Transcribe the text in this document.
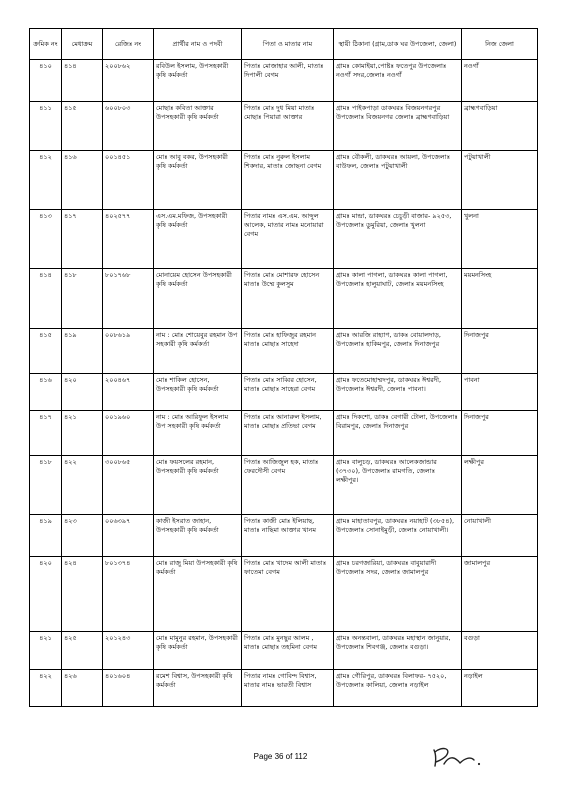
ক্রমিক নং	মেধাক্রম	রেজিঃ নং	প্রার্থীর নাম ও পদবী	পিতা ও মাতার নাম	স্থায়ী ঠিকানা (গ্রাম,ডাক ঘর উপজেলা, জেলা)	নিজ জেলা
৪১০	৪১৪	২০০৮৬২	রবিউল ইসলাম, উপসহকারী কৃষি কর্মকর্তা	পিতাঃ মোজাহার আলী, মাতাঃ দিপালী বেগম	গ্রামঃ কোমাইয়া,পোষ্টঃ ফতেপুর উপজেলাঃ নওগাঁ সদর,জেলাঃ নওগাঁ	নওগাঁ
৪১১	৪১৫	৬০০৮০৩	মোছাঃ কবিতা আক্তার উপসহকারী কৃষি কর্মকর্তা	পিতাঃ মোঃ দুধ মিয়া মাতাঃ মোছাঃ পিয়ারা আক্তার	গ্রামঃ পাইকপাড়া ডাকঘরঃ বিজয়নগরপুর উপজেলাঃ বিজয়নগর জেলাঃ ব্রাহ্মণবাড়িয়া	ব্রাহ্মণবাড়িয়া
৪১২	৪১৬	০০১৪৫১	মোঃ আবু বকর, উপসহকারী কৃষি কর্মকর্তা	পিতাঃ মোঃ নুরুল ইসলাম শিকদার, মাতাঃ জোছনা বেগম	গ্রামঃ বৌকলী, ডাকঘরঃ আয়লা, উপজেলাঃ বাউফল, জেলাঃ পটুয়াখালী	পটুয়াখালী
৪১৩	৪১৭	৪০২৫৭৭	এস.এম.মফিজ, উপসহকারী কৃষি কর্মকর্তা	পিতার নামঃ এস.এম. আব্দুল আলেক, মাতার নামঃ মনোয়ারা বেগম	গ্রামঃ মান্দ্রা, ডাকঘরঃ চেচুড়ী বাজার- ৯২৫৩, উপজেলাঃ ডুমুরিয়া, জেলাঃ খুলনা	খুলনা
৪১৪	৪১৮	৮০১৭৬৮	মোনায়েম হোসেন উপসহকারী কৃষি কর্মকর্তা	পিতাঃ মোঃ মোশারফ হোসেন মাতাঃ উম্মে কুলসুম	গ্রামঃ কালা পাগলা, ডাকঘরঃ কালা পাগলা, উপজেলাঃ হালুয়াঘাট, জেলাঃ ময়মনসিংহ	ময়মনসিংহ
৪১৫	৪১৯	০০৮৬১৯	নাম : মোঃ শোয়েবুর রহমান উপ সহকারী কৃষি কর্মকর্তা	পিতাঃ মোঃ হাফিজুর রহমান মাতাঃ মোছাঃ সাহেদা	গ্রামঃ আরজি রাহ্যাণ, ডাকঃ বোয়ালদাড়, উপজেলাঃ হাকিমপুর, জেলাঃ দিনাজপুর	দিনাজপুর
৪১৬	৪২০	২০০৪৬৭	মোঃ শাকিল হোসেন, উপসহকারী কৃষি কর্মকর্তা	পিতাঃ মোঃ সাব্বির হোসেন, মাতাঃ মোছাঃ সাহেরা বেগম	গ্রামঃ ফতেমোহাম্মদপুর, ডাকঘরঃ ঈশ্বরদী, উপজেলাঃ ঈশ্বরদী, জেলাঃ পাবনা।	পাবনা
৪১৭	৪২১	০০১৯৬০	নাম : মোঃ আরিফুল ইসলাম উপ সহকারী কৃষি কর্মকর্তা	পিতাঃ মোঃ আনারুল ইসলাম, মাতাঃ মোছাঃ প্রতিভা বেগম	গ্রামঃ দিকশো, ডাকঃ বেগারী টোলা, উপজেলাঃ বিরামপুর, জেলাঃ দিনাজপুর	দিনাজপুর
৪১৮	৪২২	৩০০৮৬৫	মোঃ ফয়সলের রহমান, উপসহকারী কৃষি কর্মকর্তা	পিতাঃ আজিজুল হক, মাতাঃ ফেরদৌসী বেগম	গ্রামঃ বালুচড়, ডাকঘরঃ আলেকজান্ডার (৩৭৩০), উপজেলাঃ রামগতি, জেলাঃ লক্ষীপুর।	লক্ষীপুর
৪১৯	৪২৩	০০৬৩৯৭	কাজী ইসরাত জাহান, উপসহকারী কৃষি কর্মকর্তা	পিতাঃ কাজী মোঃ ইলিয়াছ, মাতাঃ নাছিমা আক্তার খানম	গ্রামঃ মাহাতাবপুর, ডাকঘরঃ নয়াহাট (৩৮৫৪), উপজেলাঃ সোনাইমুড়ী, জেলাঃ নোয়াখালী।	নোয়াখালী
৪২০	৪২৪	৮০১৩৭৪	মোঃ রাজু মিয়া উপসহকারী কৃষি কর্মকর্তা	পিতাঃ মোঃ খাদেম আলী মাতাঃ ফাতেমা বেগম	গ্রামঃ চরগজারিয়া, ডাকঘরঃ বাবুয়ারাদী উপজেলাঃ সদর, জেলাঃ জামালপুর	জামালপুর
৪২১	৪২৫	২০১২৪৩	মোঃ মামুনুর রহমান, উপসহকারী কৃষি কর্মকর্তা	পিতাঃ মোঃ মুনছুর আলম , মাতাঃ মোছাঃ তহমিনা বেগম	গ্রামঃ অনন্তবালা, ডাকঘরঃ মহাস্থান জানুয়ার, উপজেলাঃ শিবগঞ্জ, জেলাঃ বগুড়া।	বগুড়া
৪২২	৪২৬	৪০১৬০৪	রমেশ বিশ্বাস, উপসহকারী কৃষি কর্মকর্তা	পিতার নামঃ গোবিন্দ বিশ্বাস, মাতার নামঃ ভারতী বিশ্বাস	গ্রামঃ গৌরিপুর, ডাকঘরঃ বিলাফর- ৭৫২০, উপজেলাঃ কালিয়া, জেলাঃ নড়াইল	নড়াইল
Page 36 of 112
